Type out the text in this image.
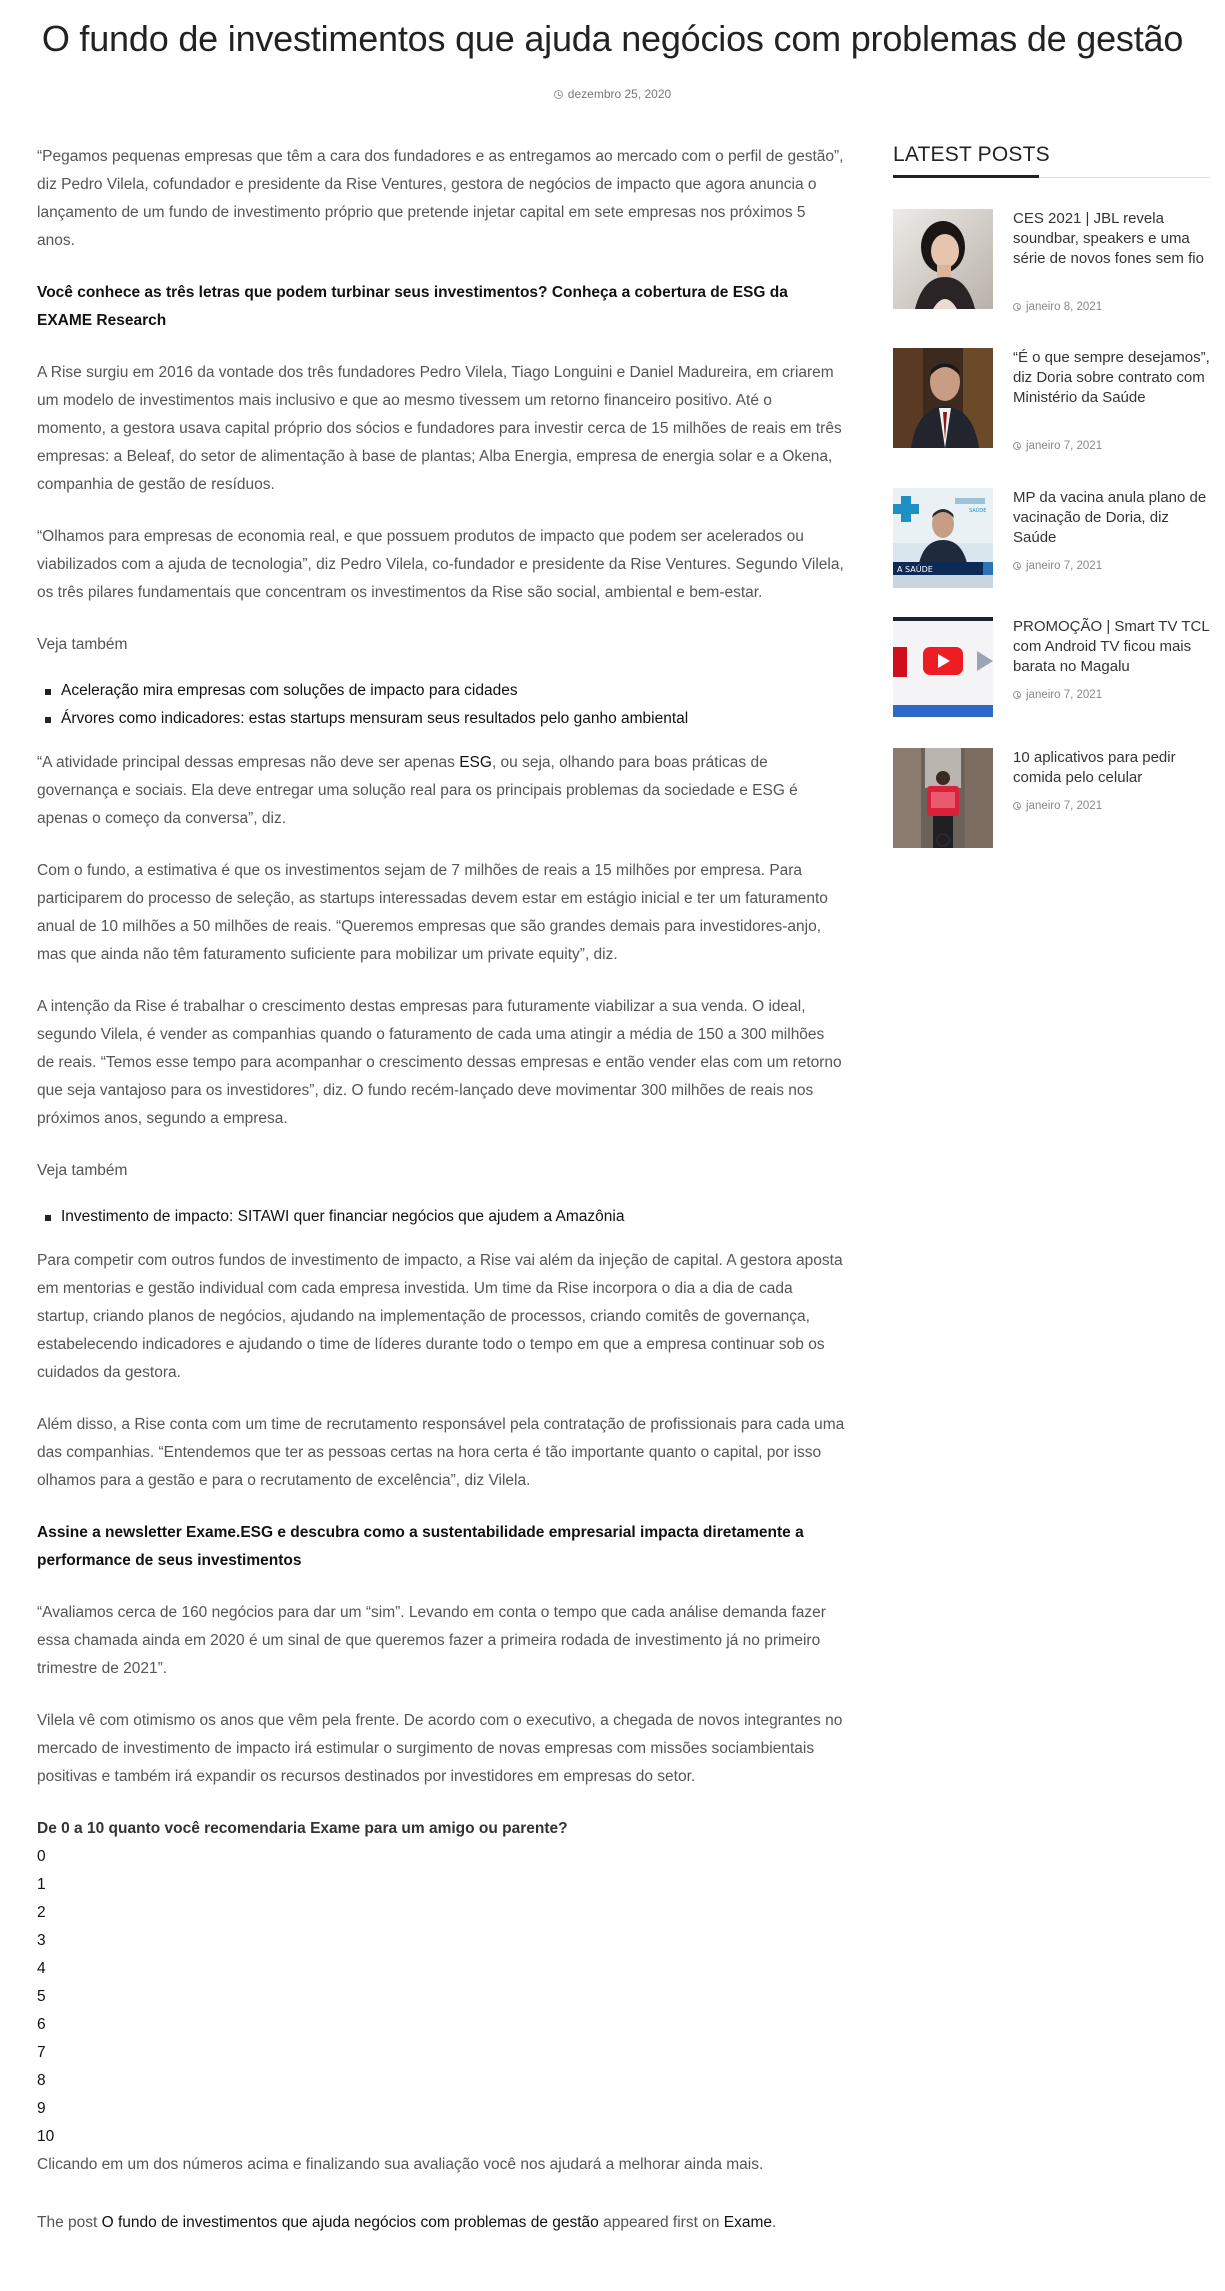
O fundo de investimentos que ajuda negócios com problemas de gestão
dezembro 25, 2020

“Pegamos pequenas empresas que têm a cara dos fundadores e as entregamos ao mercado com o perfil de gestão”, diz Pedro Vilela, cofundador e presidente da Rise Ventures, gestora de negócios de impacto que agora anuncia o lançamento de um fundo de investimento próprio que pretende injetar capital em sete empresas nos próximos 5 anos.

Você conhece as três letras que podem turbinar seus investimentos? Conheça a cobertura de ESG da EXAME Research

A Rise surgiu em 2016 da vontade dos três fundadores Pedro Vilela, Tiago Longuini e Daniel Madureira, em criarem um modelo de investimentos mais inclusivo e que ao mesmo tivessem um retorno financeiro positivo. Até o momento, a gestora usava capital próprio dos sócios e fundadores para investir cerca de 15 milhões de reais em três empresas: a Beleaf, do setor de alimentação à base de plantas; Alba Energia, empresa de energia solar e a Okena, companhia de gestão de resíduos.

“Olhamos para empresas de economia real, e que possuem produtos de impacto que podem ser acelerados ou viabilizados com a ajuda de tecnologia”, diz Pedro Vilela, co-fundador e presidente da Rise Ventures. Segundo Vilela, os três pilares fundamentais que concentram os investimentos da Rise são social, ambiental e bem-estar.

Veja também

Aceleração mira empresas com soluções de impacto para cidades
Árvores como indicadores: estas startups mensuram seus resultados pelo ganho ambiental

“A atividade principal dessas empresas não deve ser apenas ESG, ou seja, olhando para boas práticas de governança e sociais. Ela deve entregar uma solução real para os principais problemas da sociedade e ESG é apenas o começo da conversa”, diz.

Com o fundo, a estimativa é que os investimentos sejam de 7 milhões de reais a 15 milhões por empresa. Para participarem do processo de seleção, as startups interessadas devem estar em estágio inicial e ter um faturamento anual de 10 milhões a 50 milhões de reais. “Queremos empresas que são grandes demais para investidores-anjo, mas que ainda não têm faturamento suficiente para mobilizar um private equity”, diz.

A intenção da Rise é trabalhar o crescimento destas empresas para futuramente viabilizar a sua venda. O ideal, segundo Vilela, é vender as companhias quando o faturamento de cada uma atingir a média de 150 a 300 milhões de reais. “Temos esse tempo para acompanhar o crescimento dessas empresas e então vender elas com um retorno que seja vantajoso para os investidores”, diz. O fundo recém-lançado deve movimentar 300 milhões de reais nos próximos anos, segundo a empresa.

Veja também

Investimento de impacto: SITAWI quer financiar negócios que ajudem a Amazônia

Para competir com outros fundos de investimento de impacto, a Rise vai além da injeção de capital. A gestora aposta em mentorias e gestão individual com cada empresa investida. Um time da Rise incorpora o dia a dia de cada startup, criando planos de negócios, ajudando na implementação de processos, criando comitês de governança, estabelecendo indicadores e ajudando o time de líderes durante todo o tempo em que a empresa continuar sob os cuidados da gestora.

Além disso, a Rise conta com um time de recrutamento responsável pela contratação de profissionais para cada uma das companhias. “Entendemos que ter as pessoas certas na hora certa é tão importante quanto o capital, por isso olhamos para a gestão e para o recrutamento de excelência”, diz Vilela.

Assine a newsletter Exame.ESG e descubra como a sustentabilidade empresarial impacta diretamente a performance de seus investimentos

“Avaliamos cerca de 160 negócios para dar um “sim”. Levando em conta o tempo que cada análise demanda fazer essa chamada ainda em 2020 é um sinal de que queremos fazer a primeira rodada de investimento já no primeiro trimestre de 2021”.

Vilela vê com otimismo os anos que vêm pela frente. De acordo com o executivo, a chegada de novos integrantes no mercado de investimento de impacto irá estimular o surgimento de novas empresas com missões sociambientais positivas e também irá expandir os recursos destinados por investidores em empresas do setor.

De 0 a 10 quanto você recomendaria Exame para um amigo ou parente?

0
1
2
3
4
5
6
7
8
9
10

Clicando em um dos números acima e finalizando sua avaliação você nos ajudará a melhorar ainda mais.

The post O fundo de investimentos que ajuda negócios com problemas de gestão appeared first on Exame.

LATEST POSTS
CES 2021 | JBL revela soundbar, speakers e uma série de novos fones sem fio
janeiro 8, 2021
“É o que sempre desejamos”, diz Doria sobre contrato com Ministério da Saúde
janeiro 7, 2021
SAÚDE
A SAÚDE
MP da vacina anula plano de vacinação de Doria, diz Saúde
janeiro 7, 2021
PROMOÇÃO | Smart TV TCL com Android TV ficou mais barata no Magalu
janeiro 7, 2021
10 aplicativos para pedir comida pelo celular
janeiro 7, 2021
